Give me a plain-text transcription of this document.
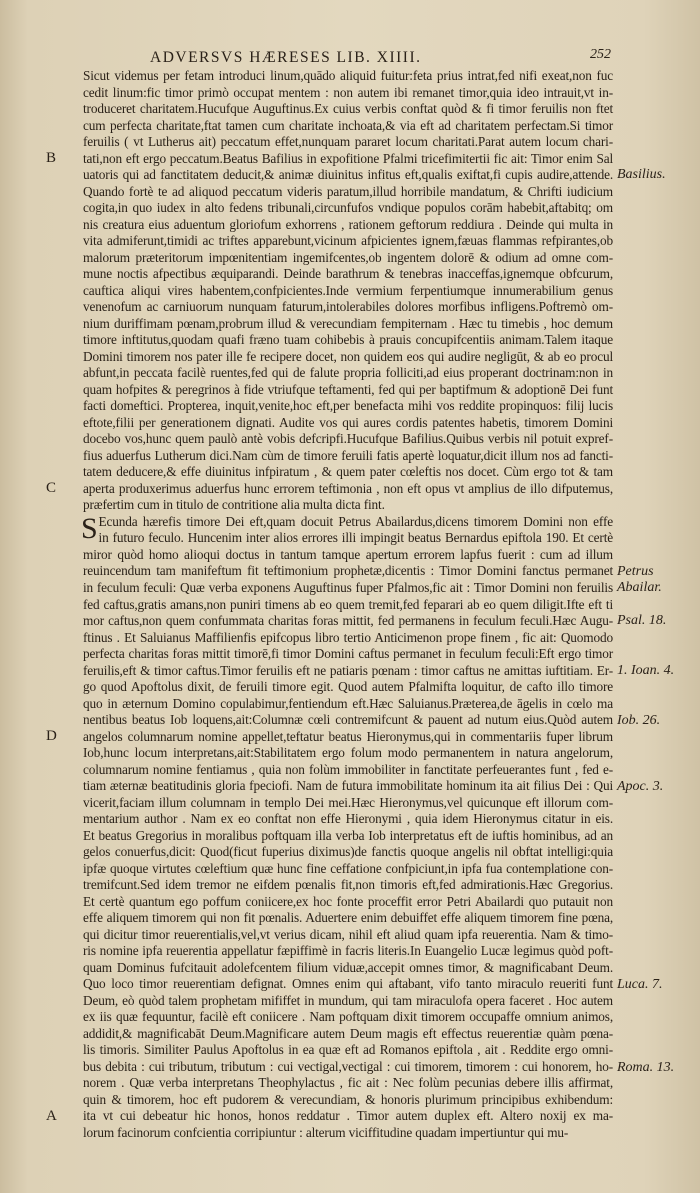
ADVERSVS HÆRESES LIB. XIIII.	252
Sicut videmus per fetam introduci linum,quādo aliquid fuitur:feta prius intrat,fed nifi exeat,non fuc
cedit linum:fic timor primò occupat mentem : non autem ibi remanet timor,quia ideo intrauit,vt in-
troduceret charitatem.Hucufque Auguftinus.Ex cuius verbis conftat quòd & fi timor feruilis non ftet
cum perfecta charitate,ftat tamen cum charitate inchoata,& via eft ad charitatem perfectam.Si timor
feruilis ( vt Lutherus ait) peccatum effet,nunquam pararet locum charitati.Parat autem locum chari-
tati,non eft ergo peccatum.Beatus Bafilius in expofitione Pfalmi tricefimitertii fic ait: Timor enim Sal
uatoris qui ad fanctitatem deducit,& animæ diuinitus infitus eft,qualis exiftat,fi cupis audire,attende.
Quando fortè te ad aliquod peccatum videris paratum,illud horribile mandatum, & Chrifti iudicium
cogita,in quo iudex in alto fedens tribunali,circunfufos vndique populos corām habebit,aftabitq; om
nis creatura eius aduentum gloriofum exhorrens , rationem geftorum reddiura . Deinde qui multa in
vita admiferunt,timidi ac triftes apparebunt,vicinum afpicientes ignem,fæuas flammas refpirantes,ob
malorum præteritorum impœnitentiam ingemifcentes,ob ingentem dolorē & odium ad omne com-
mune noctis afpectibus æquiparandi. Deinde barathrum & tenebras inacceffas,ignemque obfcurum,
cauftica aliqui vires habentem,confpicientes.Inde vermium ferpentiumque innumerabilium genus
venenofum ac carniuorum nunquam faturum,intolerabiles dolores morfibus infligens.Poftremò om-
nium duriffimam pœnam,probrum illud & verecundiam fempiternam . Hæc tu timebis , hoc demum
timore inftitutus,quodam quafi fræno tuam cohibebis à prauis concupifcentiis animam.Talem itaque
Domini timorem nos pater ille fe recipere docet, non quidem eos qui audire negligūt, & ab eo procul
abfunt,in peccata facilè ruentes,fed qui de falute propria folliciti,ad eius properant doctrinam:non in
quam hofpites & peregrinos à fide vtriufque teftamenti, fed qui per baptifmum & adoptionē Dei funt
facti domeftici. Propterea, inquit,venite,hoc eft,per benefacta mihi vos reddite propinquos: filij lucis
eftote,filii per generationem dignati. Audite vos qui aures cordis patentes habetis, timorem Domini
docebo vos,hunc quem paulò antè vobis defcripfi.Hucufque Bafilius.Quibus verbis nil potuit expref-
fius aduerfus Lutherum dici.Nam cùm de timore feruili fatis apertè loquatur,dicit illum nos ad fancti-
tatem deducere,& effe diuinitus infpiratum , & quem pater cœleftis nos docet. Cùm ergo tot & tam
aperta produxerimus aduerfus hunc errorem teftimonia , non eft opus vt amplius de illo difputemus,
præfertim cum in titulo de contritione alia multa dicta fint.
S Ecunda hærefis timore Dei eft,quam docuit Petrus Abailardus,dicens timorem Domini non effe
in futuro feculo. Huncenim inter alios errores illi impingit beatus Bernardus epiftola 190. Et certè
miror quòd homo alioqui doctus in tantum tamque apertum errorem lapfus fuerit : cum ad illum
reuincendum tam manifeftum fit teftimonium prophetæ,dicentis : Timor Domini fanctus permanet
in feculum feculi: Quæ verba exponens Auguftinus fuper Pfalmos,fic ait : Timor Domini non feruilis
fed caftus,gratis amans,non puniri timens ab eo quem tremit,fed feparari ab eo quem diligit.Ifte eft ti
mor caftus,non quem confummata charitas foras mittit, fed permanens in feculum feculi.Hæc Augu-
ftinus . Et Saluianus Maffilienfis epifcopus libro tertio Anticimenon prope finem , fic ait: Quomodo
perfecta charitas foras mittit timorē,fi timor Domini caftus permanet in feculum feculi:Eft ergo timor
feruilis,eft & timor caftus.Timor feruilis eft ne patiaris pœnam : timor caftus ne amittas iuftitiam. Er-
go quod Apoftolus dixit, de feruili timore egit. Quod autem Pfalmifta loquitur, de cafto illo timore
quo in æternum Domino copulabimur,fentiendum eft.Hæc Saluianus.Præterea,de āgelis in cœlo ma
nentibus beatus Iob loquens,ait:Columnæ cœli contremifcunt & pauent ad nutum eius.Quòd autem
angelos columnarum nomine appellet,teftatur beatus Hieronymus,qui in commentariis fuper librum
Iob,hunc locum interpretans,ait:Stabilitatem ergo folum modo permanentem in natura angelorum,
columnarum nomine fentiamus , quia non folùm immobiliter in fanctitate perfeuerantes funt , fed e-
tiam æternæ beatitudinis gloria fpeciofi. Nam de futura immobilitate hominum ita ait filius Dei : Qui
vicerit,faciam illum columnam in templo Dei mei.Hæc Hieronymus,vel quicunque eft illorum com-
mentarium author . Nam ex eo conftat non effe Hieronymi , quia idem Hieronymus citatur in eis.
Et beatus Gregorius in moralibus poftquam illa verba Iob interpretatus eft de iuftis hominibus, ad an
gelos conuerfus,dicit: Quod(ficut fuperius diximus)de fanctis quoque angelis nil obftat intelligi:quia
ipfæ quoque virtutes cœleftium quæ hunc fine ceffatione confpiciunt,in ipfa fua contemplatione con-
tremifcunt.Sed idem tremor ne eifdem pœnalis fit,non timoris eft,fed admirationis.Hæc Gregorius.
Et certè quantum ego poffum coniicere,ex hoc fonte proceffit error Petri Abailardi quo putauit non
effe aliquem timorem qui non fit pœnalis. Aduertere enim debuiffet effe aliquem timorem fine pœna,
qui dicitur timor reuerentialis,vel,vt verius dicam, nihil eft aliud quam ipfa reuerentia. Nam & timo-
ris nomine ipfa reuerentia appellatur fæpiffimè in facris literis.In Euangelio Lucæ legimus quòd poft-
quam Dominus fufcitauit adolefcentem filium viduæ,accepit omnes timor, & magnificabant Deum.
Quo loco timor reuerentiam defignat. Omnes enim qui aftabant, vifo tanto miraculo reueriti funt
Deum, eò quòd talem prophetam mififfet in mundum, qui tam miraculofa opera faceret . Hoc autem
ex iis quæ fequuntur, facilè eft coniicere . Nam poftquam dixit timorem occupaffe omnium animos,
addidit,& magnificabāt Deum.Magnificare autem Deum magis eft effectus reuerentiæ quàm pœna-
lis timoris. Similiter Paulus Apoftolus in ea quæ eft ad Romanos epiftola , ait . Reddite ergo omni-
bus debita : cui tributum, tributum : cui vectigal,vectigal : cui timorem, timorem : cui honorem, ho-
norem . Quæ verba interpretans Theophylactus , fic ait : Nec folùm pecunias debere illis affirmat,
quin & timorem, hoc eft pudorem & verecundiam, & honoris plurimum principibus exhibendum:
ita vt cui debeatur hic honos, honos reddatur . Timor autem duplex eft. Altero noxij ex ma-
lorum facinorum confcientia corripiuntur : alterum viciffitudine quadam impertiuntur qui mu-
Basilius.
Petrus
Abailar.
Psal. 18.
1. Ioan. 4.
Iob. 26.
Apoc. 3.
Luca. 7.
Roma. 13.
B
C
D
A
